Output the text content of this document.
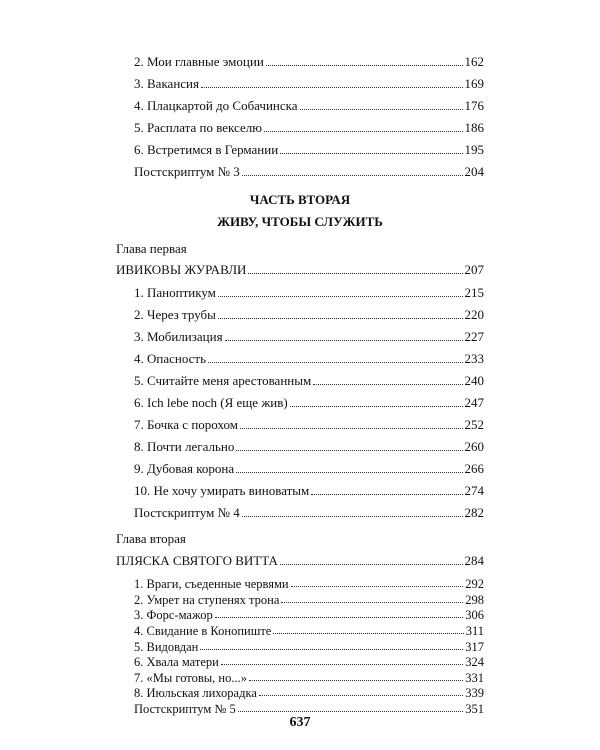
2. Мои главные эмоции	162
3. Вакансия	169
4. Плацкартой до Собачинска	176
5. Расплата по векселю	186
6. Встретимся в Германии	195
Постскриптум № 3	204
ЧАСТЬ ВТОРАЯ
ЖИВУ, ЧТОБЫ СЛУЖИТЬ
Глава первая
ИВИКОВЫ ЖУРАВЛИ	207
1. Паноптикум	215
2. Через трубы	220
3. Мобилизация	227
4. Опасность	233
5. Считайте меня арестованным	240
6. Ich lebe noch (Я еще жив)	247
7. Бочка с порохом	252
8. Почти легально	260
9. Дубовая корона	266
10. Не хочу умирать виноватым	274
Постскриптум № 4	282
Глава вторая
ПЛЯСКА СВЯТОГО ВИТТА	284
1. Враги, съеденные червями	292
2. Умрет на ступенях трона	298
3. Форс-мажор	306
4. Свидание в Конопиште	311
5. Видовдан	317
6. Хвала матери	324
7. «Мы готовы, но...»	331
8. Июльская лихорадка	339
Постскриптум № 5	351
637
